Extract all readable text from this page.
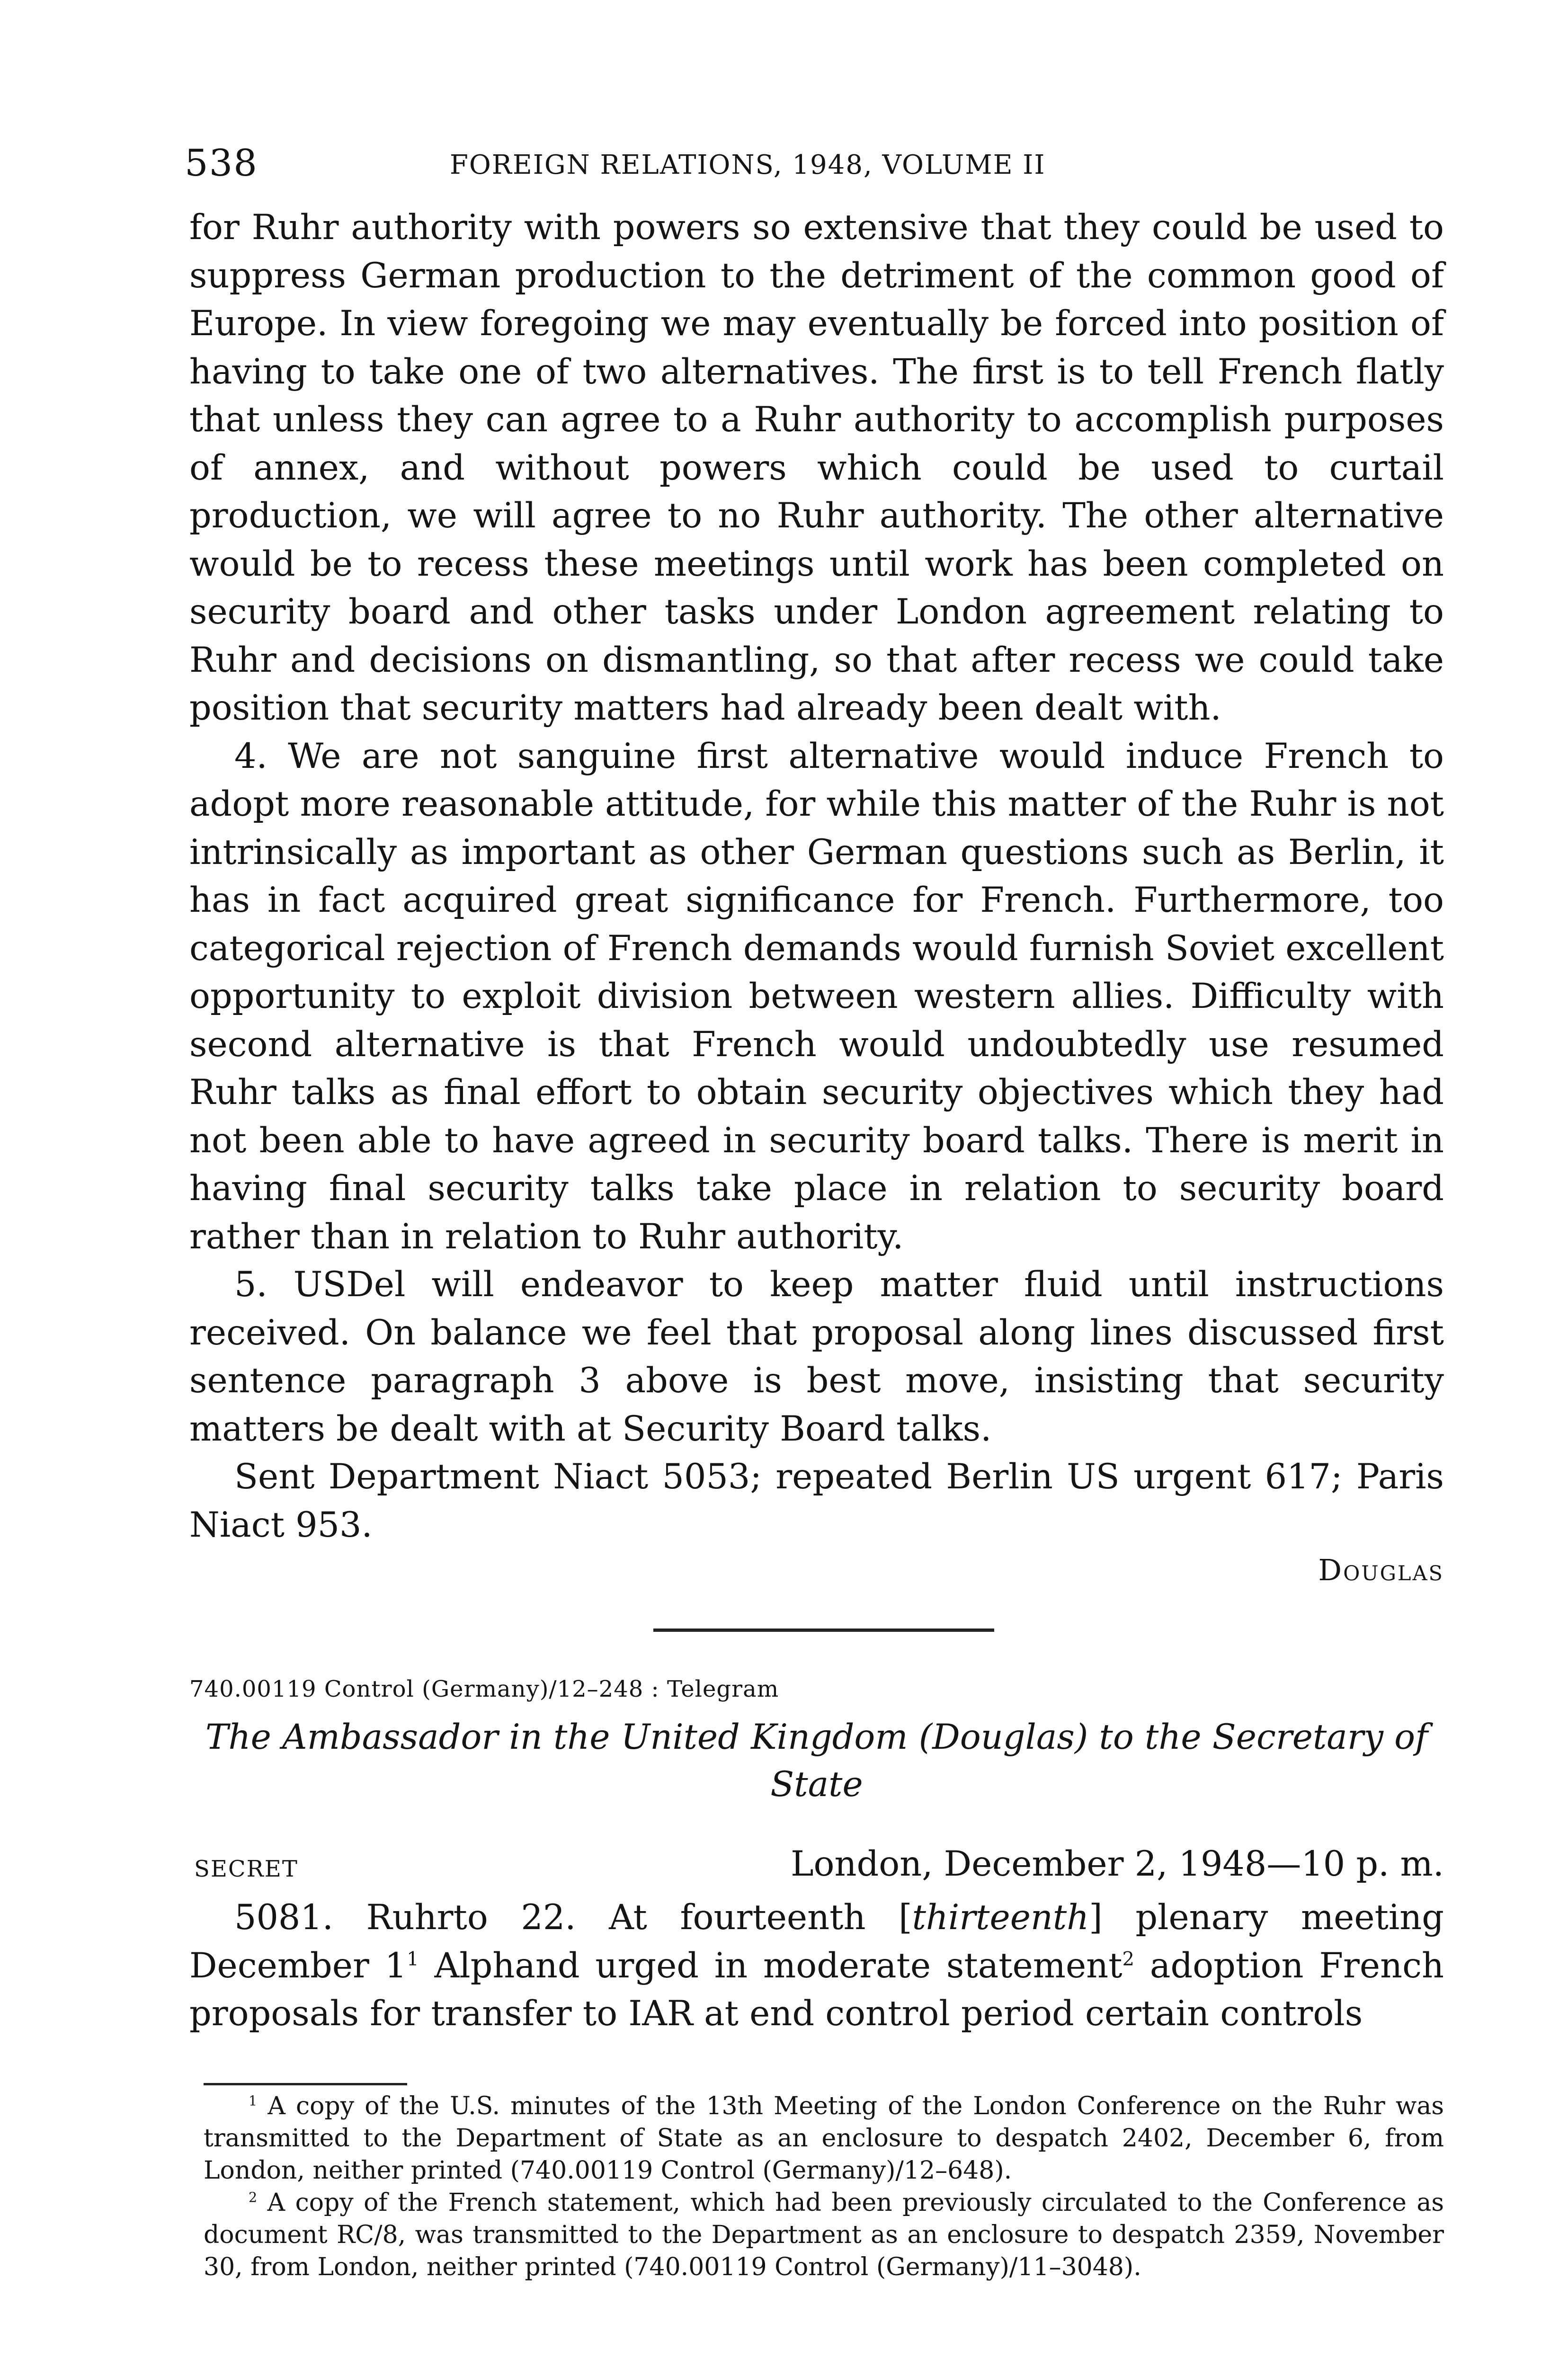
538	FOREIGN RELATIONS, 1948, VOLUME II

for Ruhr authority with powers so extensive that they could be used to suppress German production to the detriment of the common good of Europe. In view foregoing we may eventually be forced into position of having to take one of two alternatives. The first is to tell French flatly that unless they can agree to a Ruhr authority to accomplish purposes of annex, and without powers which could be used to curtail production, we will agree to no Ruhr authority. The other alternative would be to recess these meetings until work has been completed on security board and other tasks under London agreement relating to Ruhr and decisions on dismantling, so that after recess we could take position that security matters had already been dealt with.

4. We are not sanguine first alternative would induce French to adopt more reasonable attitude, for while this matter of the Ruhr is not intrinsically as important as other German questions such as Berlin, it has in fact acquired great significance for French. Furthermore, too categorical rejection of French demands would furnish Soviet excellent opportunity to exploit division between western allies. Difficulty with second alternative is that French would undoubtedly use resumed Ruhr talks as final effort to obtain security objectives which they had not been able to have agreed in security board talks. There is merit in having final security talks take place in relation to security board rather than in relation to Ruhr authority.

5. USDel will endeavor to keep matter fluid until instructions received. On balance we feel that proposal along lines discussed first sentence paragraph 3 above is best move, insisting that security matters be dealt with at Security Board talks.

Sent Department Niact 5053; repeated Berlin US urgent 617; Paris Niact 953.

Douglas
740.00119 Control (Germany)/12–248 : Telegram
The Ambassador in the United Kingdom (Douglas) to the Secretary of State
SECRET	London, December 2, 1948—10 p. m.

5081. Ruhrto 22. At fourteenth [thirteenth] plenary meeting December $1^1$ Alphand urged in moderate statement$^2$ adoption French proposals for transfer to IAR at end control period certain controls

$^1$ A copy of the U.S. minutes of the 13th Meeting of the London Conference on the Ruhr was transmitted to the Department of State as an enclosure to despatch 2402, December 6, from London, neither printed (740.00119 Control (Germany)/12–648).

$^2$ A copy of the French statement, which had been previously circulated to the Conference as document RC/8, was transmitted to the Department as an enclosure to despatch 2359, November 30, from London, neither printed (740.00119 Control (Germany)/11–3048).
